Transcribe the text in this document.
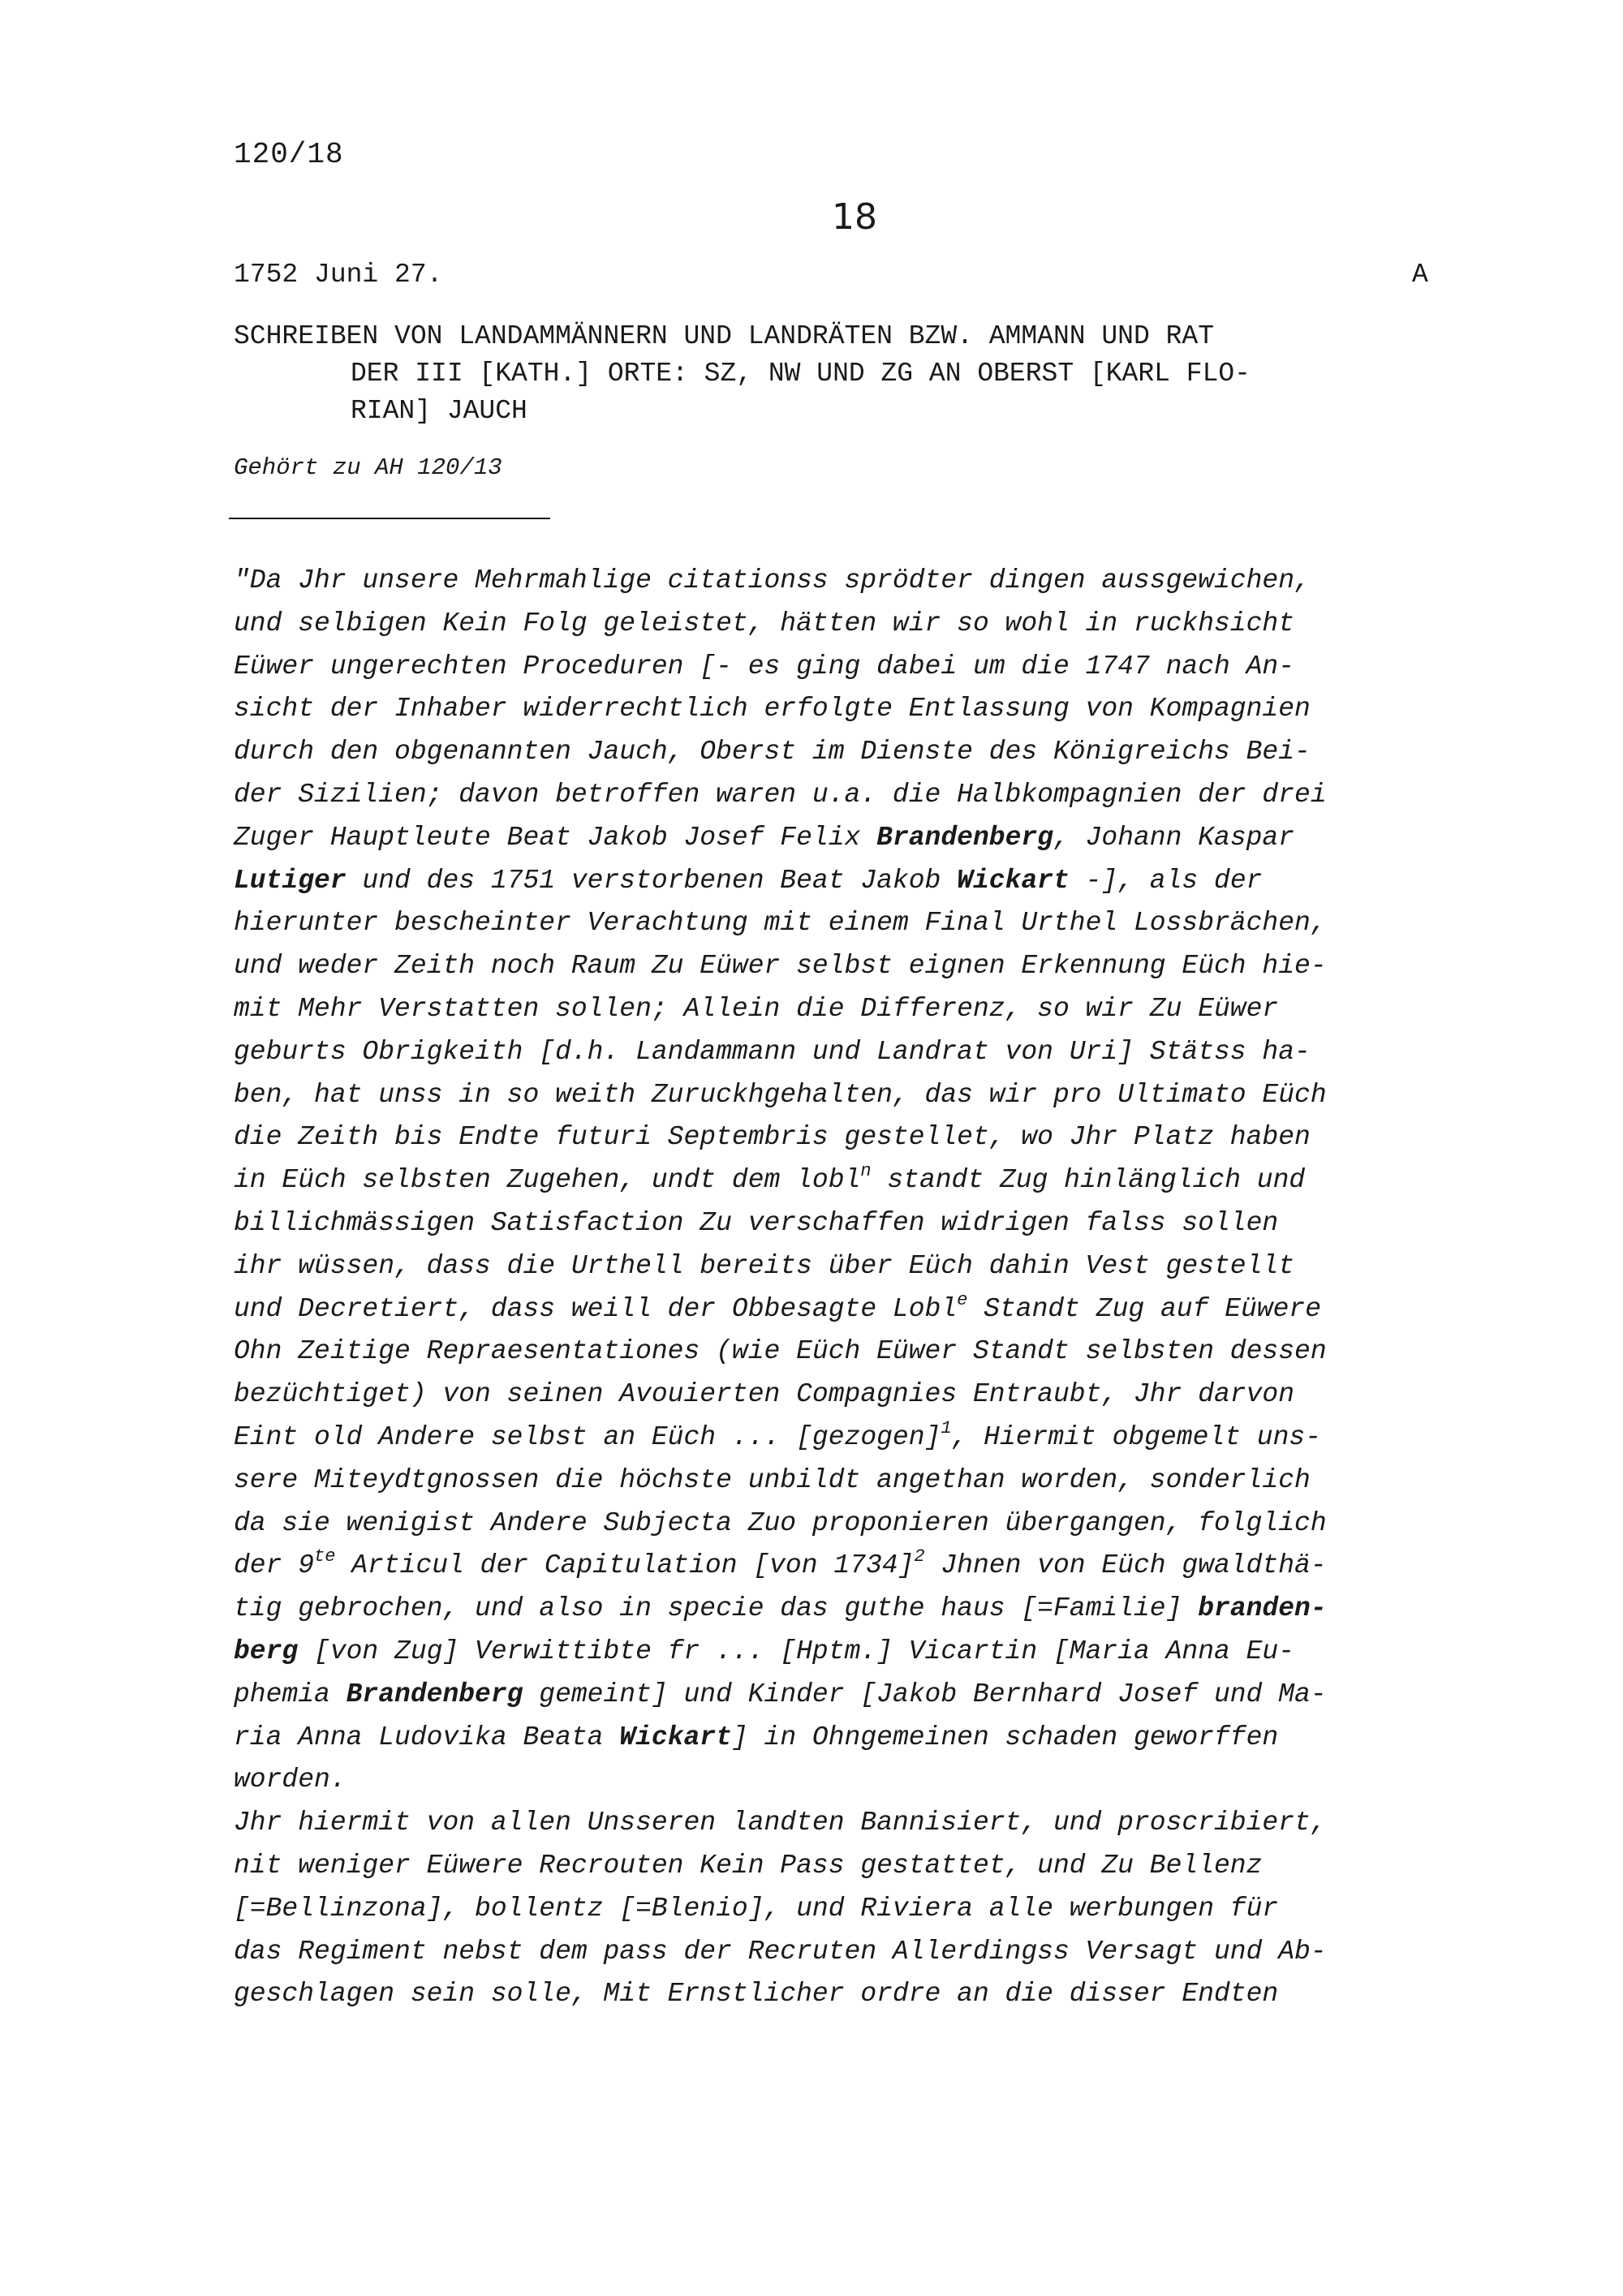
120/18
18
1752 Juni 27.	A
SCHREIBEN VON LANDAMMÄNNERN UND LANDRÄTEN BZW. AMMANN UND RAT
DER III [KATH.] ORTE: SZ, NW UND ZG AN OBERST [KARL FLO-
RIAN] JAUCH
Gehört zu AH 120/13
"Da Jhr unsere Mehrmahlige citationss sprödter dingen aussgewichen,
und selbigen Kein Folg geleistet, hätten wir so wohl in ruckhsicht
Eüwer ungerechten Proceduren [- es ging dabei um die 1747 nach An-
sicht der Inhaber widerrechtlich erfolgte Entlassung von Kompagnien
durch den obgenannten Jauch, Oberst im Dienste des Königreichs Bei-
der Sizilien; davon betroffen waren u.a. die Halbkompagnien der drei
Zuger Hauptleute Beat Jakob Josef Felix Brandenberg, Johann Kaspar
Lutiger und des 1751 verstorbenen Beat Jakob Wickart -], als der
hierunter bescheinter Verachtung mit einem Final Urthel Lossbrächen,
und weder Zeith noch Raum Zu Eüwer selbst eignen Erkennung Eüch hie-
mit Mehr Verstatten sollen; Allein die Differenz, so wir Zu Eüwer
geburts Obrigkeith [d.h. Landammann und Landrat von Uri] Stätss ha-
ben, hat unss in so weith Zuruckhgehalten, das wir pro Ultimato Eüch
die Zeith bis Endte futuri Septembris gestellet, wo Jhr Platz haben
in Eüch selbsten Zugehen, undt dem lobl$^n$ standt Zug hinlänglich und
billichmässigen Satisfaction Zu verschaffen widrigen falss sollen
ihr wüssen, dass die Urthell bereits über Eüch dahin Vest gestellt
und Decretiert, dass weill der Obbesagte Lobl$^e$ Standt Zug auf Eüwere
Ohn Zeitige Repraesentationes (wie Eüch Eüwer Standt selbsten dessen
bezüchtiget) von seinen Avouierten Compagnies Entraubt, Jhr darvon
Eint old Andere selbst an Eüch ... [gezogen]$^1$, Hiermit obgemelt uns-
sere Miteydtgnossen die höchste unbildt angethan worden, sonderlich
da sie wenigist Andere Subjecta Zuo proponieren übergangen, folglich
der $9^{te}$ Articul der Capitulation [von 1734]$^2$ Jhnen von Eüch gwaldthä-
tig gebrochen, und also in specie das guthe haus [=Familie] branden-
berg [von Zug] Verwittibte fr ... [Hptm.] Vicartin [Maria Anna Eu-
phemia Brandenberg gemeint] und Kinder [Jakob Bernhard Josef und Ma-
ria Anna Ludovika Beata Wickart] in Ohngemeinen schaden geworffen
worden.
Jhr hiermit von allen Unsseren landten Bannisiert, und proscribiert,
nit weniger Eüwere Recrouten Kein Pass gestattet, und Zu Bellenz
[=Bellinzona], bollentz [=Blenio], und Riviera alle werbungen für
das Regiment nebst dem pass der Recruten Allerdingss Versagt und Ab-
geschlagen sein solle, Mit Ernstlicher ordre an die disser Endten
